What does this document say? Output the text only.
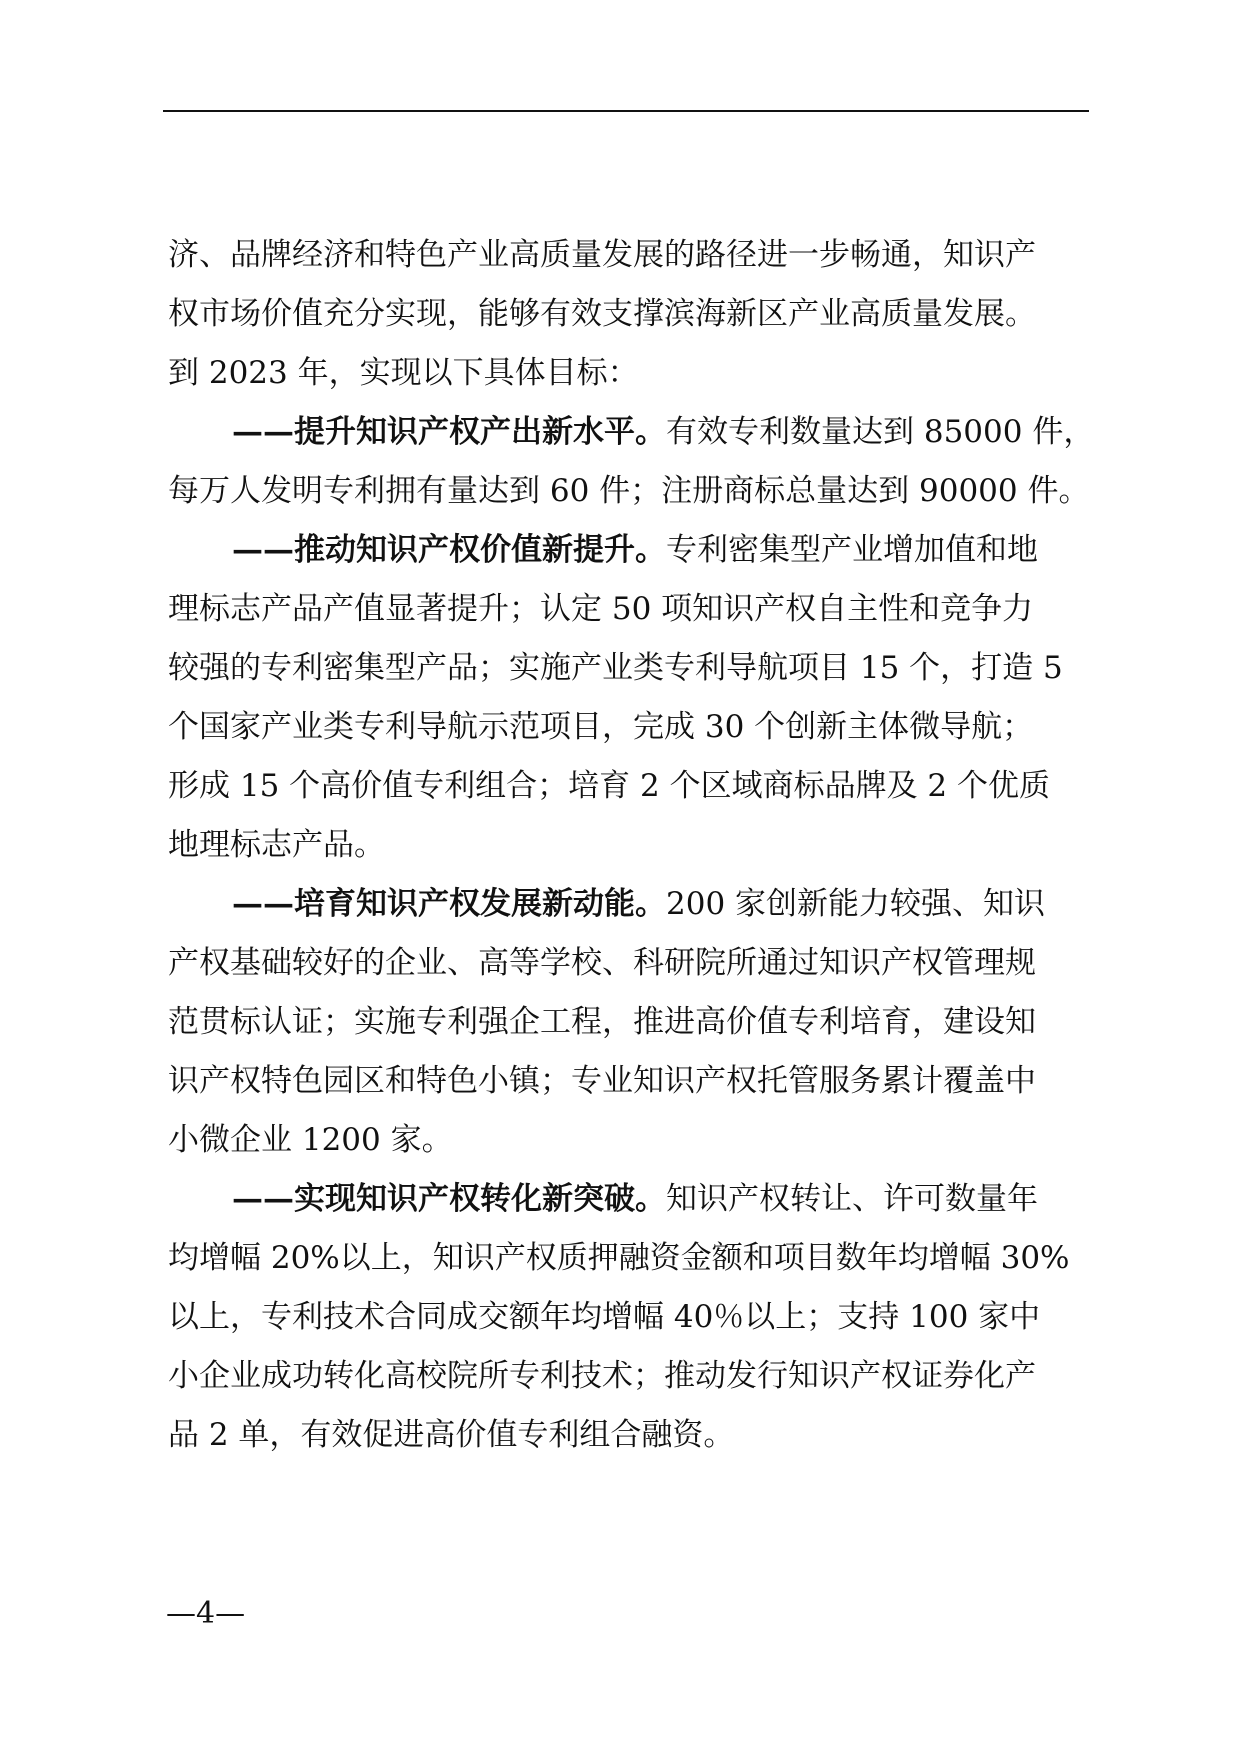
济、品牌经济和特色产业高质量发展的路径进一步畅通，知识产
权市场价值充分实现，能够有效支撑滨海新区产业高质量发展。
到 2023 年，实现以下具体目标：
——提升知识产权产出新水平。有效专利数量达到 85000 件，
每万人发明专利拥有量达到 60 件；注册商标总量达到 90000 件。
——推动知识产权价值新提升。专利密集型产业增加值和地
理标志产品产值显著提升；认定 50 项知识产权自主性和竞争力
较强的专利密集型产品；实施产业类专利导航项目 15 个，打造 5
个国家产业类专利导航示范项目，完成 30 个创新主体微导航；
形成 15 个高价值专利组合；培育 2 个区域商标品牌及 2 个优质
地理标志产品。
——培育知识产权发展新动能。200 家创新能力较强、知识
产权基础较好的企业、高等学校、科研院所通过知识产权管理规
范贯标认证；实施专利强企工程，推进高价值专利培育，建设知
识产权特色园区和特色小镇；专业知识产权托管服务累计覆盖中
小微企业 1200 家。
——实现知识产权转化新突破。知识产权转让、许可数量年
均增幅 20%以上，知识产权质押融资金额和项目数年均增幅 30%
以上，专利技术合同成交额年均增幅 40％以上；支持 100 家中
小企业成功转化高校院所专利技术；推动发行知识产权证券化产
品 2 单，有效促进高价值专利组合融资。
—4—
